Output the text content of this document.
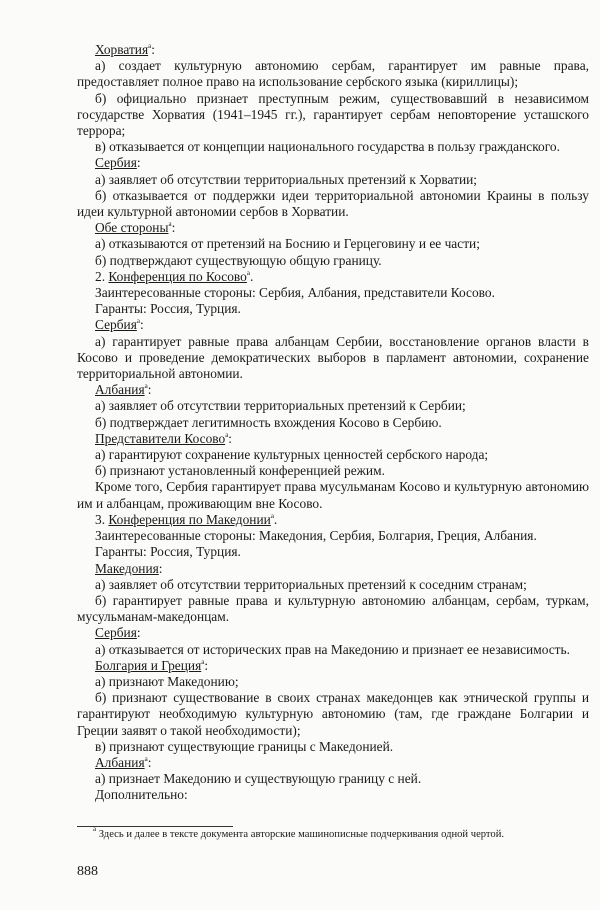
Хорватия$^а$:

а) создает культурную автономию сербам, гарантирует им равные права, предоставляет полное право на использование сербского языка (кириллицы);

б) официально признает преступным режим, существовавший в независимом государстве Хорватия (1941–1945 гг.), гарантирует сербам неповторение усташского террора;

в) отказывается от концепции национального государства в пользу гражданского.

Сербия:

а) заявляет об отсутствии территориальных претензий к Хорватии;

б) отказывается от поддержки идеи территориальной автономии Краины в пользу идеи культурной автономии сербов в Хорватии.

Обе стороны$^а$:

а) отказываются от претензий на Боснию и Герцеговину и ее части;

б) подтверждают существующую общую границу.

2. Конференция по Косово$^а$.

Заинтересованные стороны: Сербия, Албания, представители Косово.

Гаранты: Россия, Турция.

Сербия$^а$:

а) гарантирует равные права албанцам Сербии, восстановление органов власти в Косово и проведение демократических выборов в парламент автономии, сохранение территориальной автономии.

Албания$^а$:

а) заявляет об отсутствии территориальных претензий к Сербии;

б) подтверждает легитимность вхождения Косово в Сербию.

Представители Косово$^а$:

а) гарантируют сохранение культурных ценностей сербского народа;

б) признают установленный конференцией режим.

Кроме того, Сербия гарантирует права мусульманам Косово и культурную автономию им и албанцам, проживающим вне Косово.

3. Конференция по Македонии$^а$.

Заинтересованные стороны: Македония, Сербия, Болгария, Греция, Албания.

Гаранты: Россия, Турция.

Македония:

а) заявляет об отсутствии территориальных претензий к соседним странам;

б) гарантирует равные права и культурную автономию албанцам, сербам, туркам, мусульманам-македонцам.

Сербия:

а) отказывается от исторических прав на Македонию и признает ее независимость.

Болгария и Греция$^а$:

а) признают Македонию;

б) признают существование в своих странах македонцев как этнической группы и гарантируют необходимую культурную автономию (там, где граждане Болгарии и Греции заявят о такой необходимости);

в) признают существующие границы с Македонией.

Албания$^а$:

а) признает Македонию и существующую границу с ней.

Дополнительно:

$^а$ Здесь и далее в тексте документа авторские машинописные подчеркивания одной чертой.
888
